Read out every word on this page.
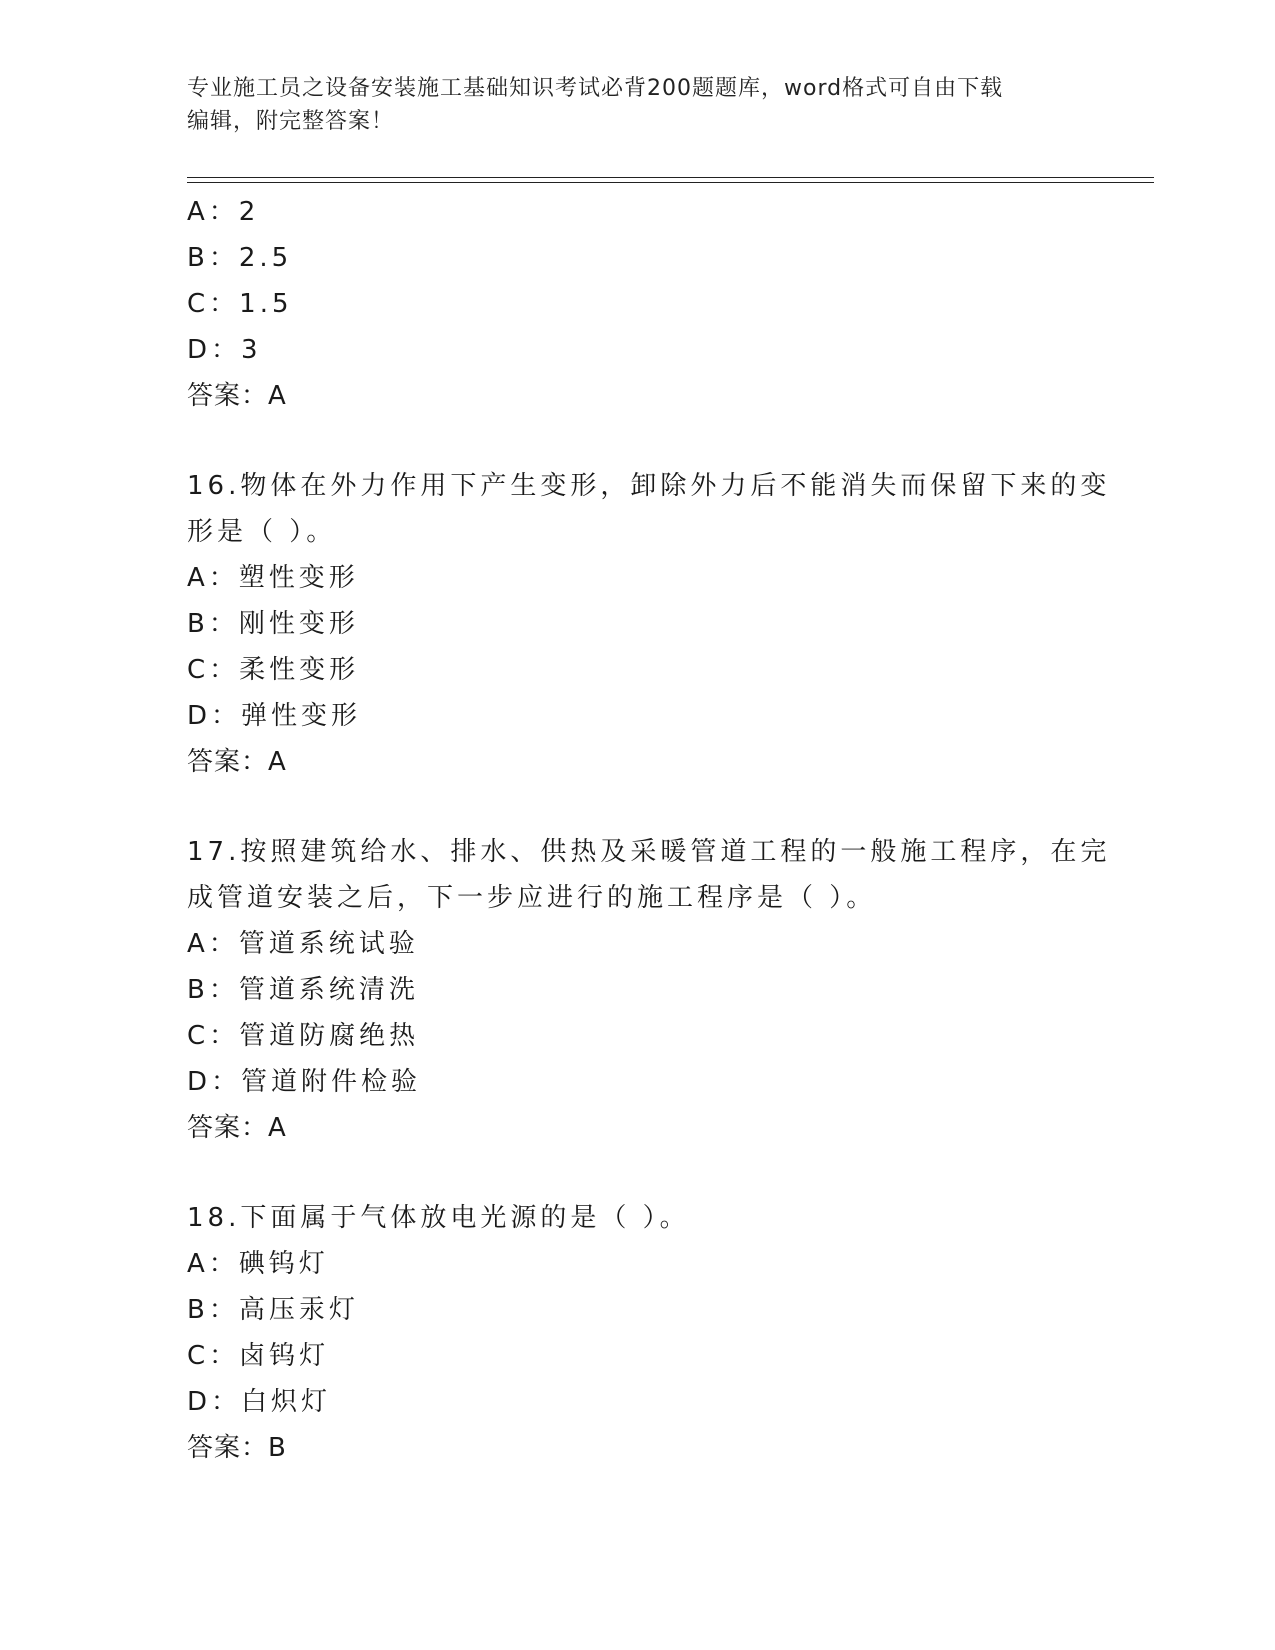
专业施工员之设备安装施工基础知识考试必背200题题库，word格式可自由下载
编辑，附完整答案！
A：2
B：2.5
C：1.5
D：3
答案：A
16.物体在外力作用下产生变形，卸除外力后不能消失而保留下来的变
形是（ ）。
A：塑性变形
B：刚性变形
C：柔性变形
D：弹性变形
答案：A
17.按照建筑给水、排水、供热及采暖管道工程的一般施工程序，在完
成管道安装之后，下一步应进行的施工程序是（ ）。
A：管道系统试验
B：管道系统清洗
C：管道防腐绝热
D：管道附件检验
答案：A
18.下面属于气体放电光源的是（ ）。
A：碘钨灯
B：高压汞灯
C：卤钨灯
D：白炽灯
答案：B
